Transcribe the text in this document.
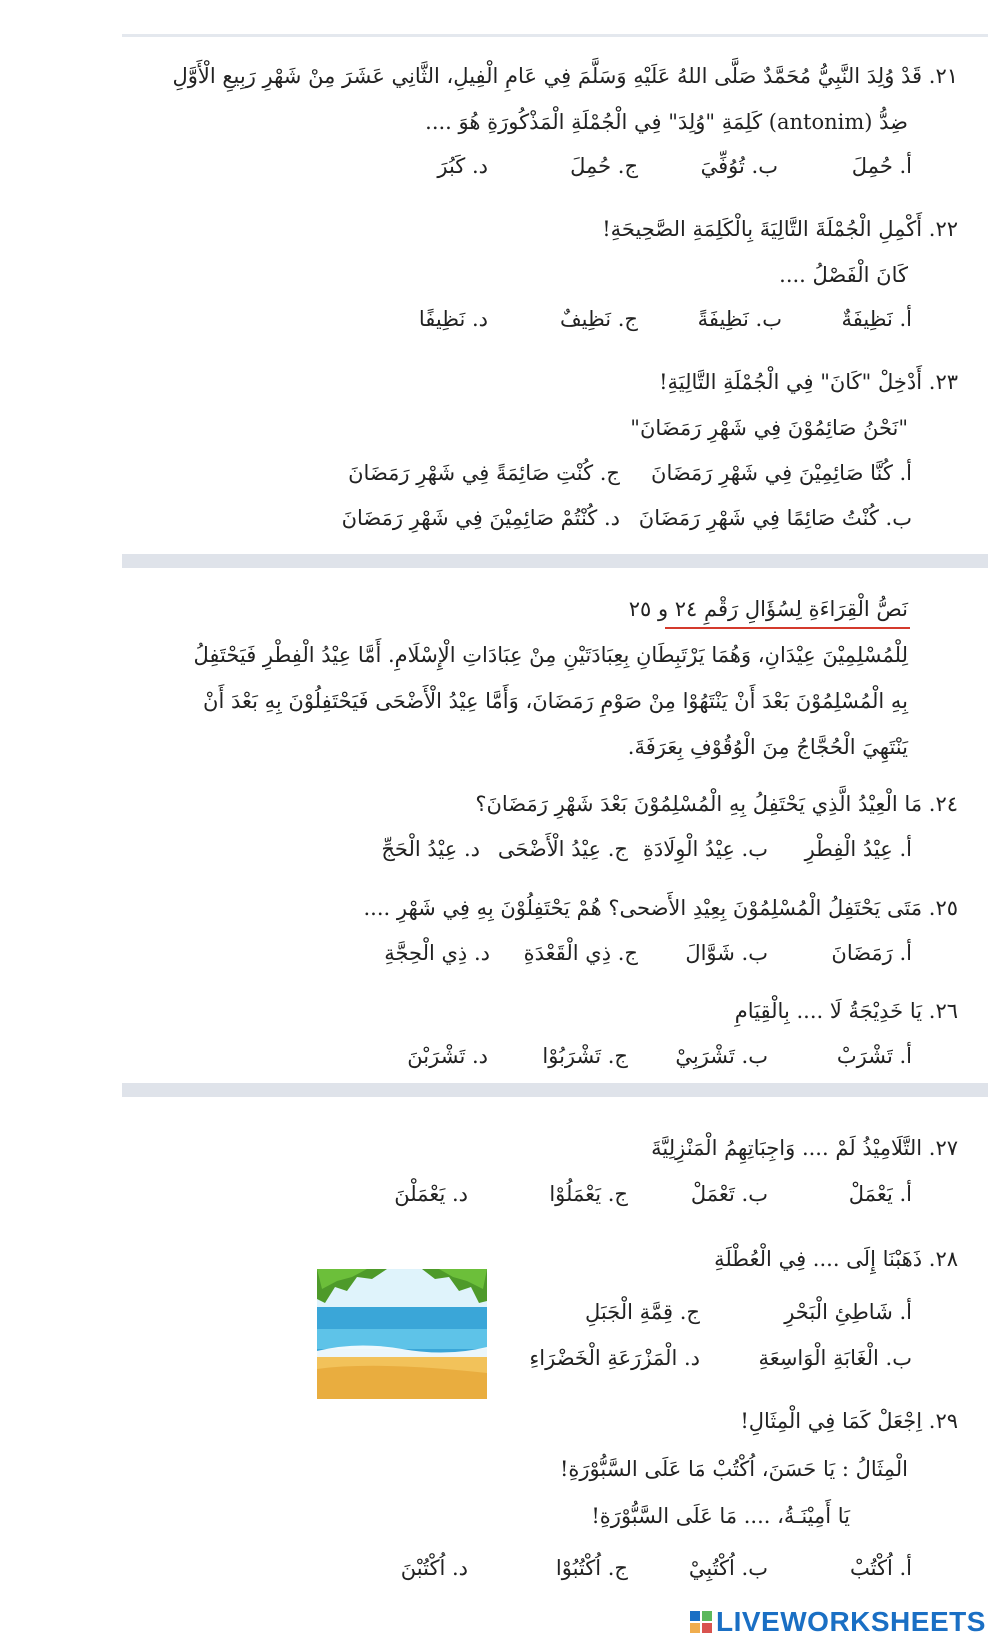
٢١. قَدْ وُلِدَ النَّبِيُّ مُحَمَّدٌ صَلَّى اللهُ عَلَيْهِ وَسَلَّمَ فِي عَامِ الْفِيلِ، الثَّانِي عَشَرَ مِنْ شَهْرِ رَبِيعِ الْأَوَّلِ
ضِدُّ (antonim) كَلِمَةِ "وُلِدَ" فِي الْجُمْلَةِ الْمَذْكُورَةِ هُوَ ....
أ. حُمِلَ
ب. تُوُفِّيَ
ج. حُمِلَ
د. كَبُرَ
٢٢. أَكْمِلِ الْجُمْلَةَ التَّالِيَةَ بِالْكَلِمَةِ الصَّحِيحَةِ!
كَانَ الْفَصْلُ ....
أ. نَظِيفَةٌ
ب. نَظِيفَةً
ج. نَظِيفٌ
د. نَظِيفًا
٢٣. أَدْخِلْ "كَانَ" فِي الْجُمْلَةِ التَّالِيَةِ!
"نَحْنُ صَائِمُوْنَ فِي شَهْرِ رَمَضَانَ"
أ. كُنَّا صَائِمِيْنَ فِي شَهْرِ رَمَضَانَ
ب. كُنْتُ صَائِمًا فِي شَهْرِ رَمَضَانَ
ج. كُنْتِ صَائِمَةً فِي شَهْرِ رَمَضَانَ
د. كُنْتُمْ صَائِمِيْنَ فِي شَهْرِ رَمَضَانَ
نَصُّ الْقِرَاءَةِ لِسُؤَالِ رَقْمِ ٢٤ و ٢٥
لِلْمُسْلِمِيْنَ عِيْدَانِ، وَهُمَا يَرْتَبِطَانِ بِعِبَادَتَيْنِ مِنْ عِبَادَاتِ الْإِسْلَامِ. أَمَّا عِيْدُ الْفِطْرِ فَيَحْتَفِلُ
بِهِ الْمُسْلِمُوْنَ بَعْدَ أَنْ يَنْتَهُوْا مِنْ صَوْمِ رَمَضَانَ، وَأَمَّا عِيْدُ الْأَضْحَى فَيَحْتَفِلُوْنَ بِهِ بَعْدَ أَنْ
يَنْتَهِيَ الْحُجَّاجُ مِنَ الْوُقُوْفِ بِعَرَفَةَ.
٢٤. مَا الْعِيْدُ الَّذِي يَحْتَفِلُ بِهِ الْمُسْلِمُوْنَ بَعْدَ شَهْرِ رَمَضَانَ؟
أ. عِيْدُ الْفِطْرِ
ب. عِيْدُ الْوِلَادَةِ
ج. عِيْدُ الْأَضْحَى
د. عِيْدُ الْحَجِّ
٢٥. مَتَى يَحْتَفِلُ الْمُسْلِمُوْنَ بِعِيْدِ الأَضحى؟ هُمْ يَحْتَفِلُوْنَ بِهِ فِي شَهْرِ ....
أ. رَمَضَانَ
ب. شَوَّالَ
ج. ذِي الْقَعْدَةِ
د. ذِي الْحِجَّةِ
٢٦. يَا خَدِيْجَةُ لَا .... بِالْقِيَامِ
أ. تَشْرَبْ
ب. تَشْرَبِيْ
ج. تَشْرَبُوْا
د. تَشْرَبْنَ
٢٧. التَّلَامِيْذُ لَمْ .... وَاجِبَاتِهِمُ الْمَنْزِلِيَّةَ
أ. يَعْمَلْ
ب. تَعْمَلْ
ج. يَعْمَلُوْا
د. يَعْمَلْنَ
٢٨. ذَهَبْنَا إِلَى .... فِي الْعُطْلَةِ
أ. شَاطِئِ الْبَحْرِ
ب. الْغَابَةِ الْوَاسِعَةِ
ج. قِمَّةِ الْجَبَلِ
د. الْمَزْرَعَةِ الْخَضْرَاءِ
٢٩. اِجْعَلْ كَمَا فِي الْمِثَالِ!
الْمِثَالُ : يَا حَسَنَ، اُكْتُبْ مَا عَلَى السَّبُّوْرَةِ!
يَا أَمِيْنَـةُ، .... مَا عَلَى السَّبُّوْرَةِ!
أ. اُكْتُبْ
ب. اُكْتُبِيْ
ج. اُكْتُبُوْا
د. اُكْتُبْنَ
LIVEWORKSHEETS
